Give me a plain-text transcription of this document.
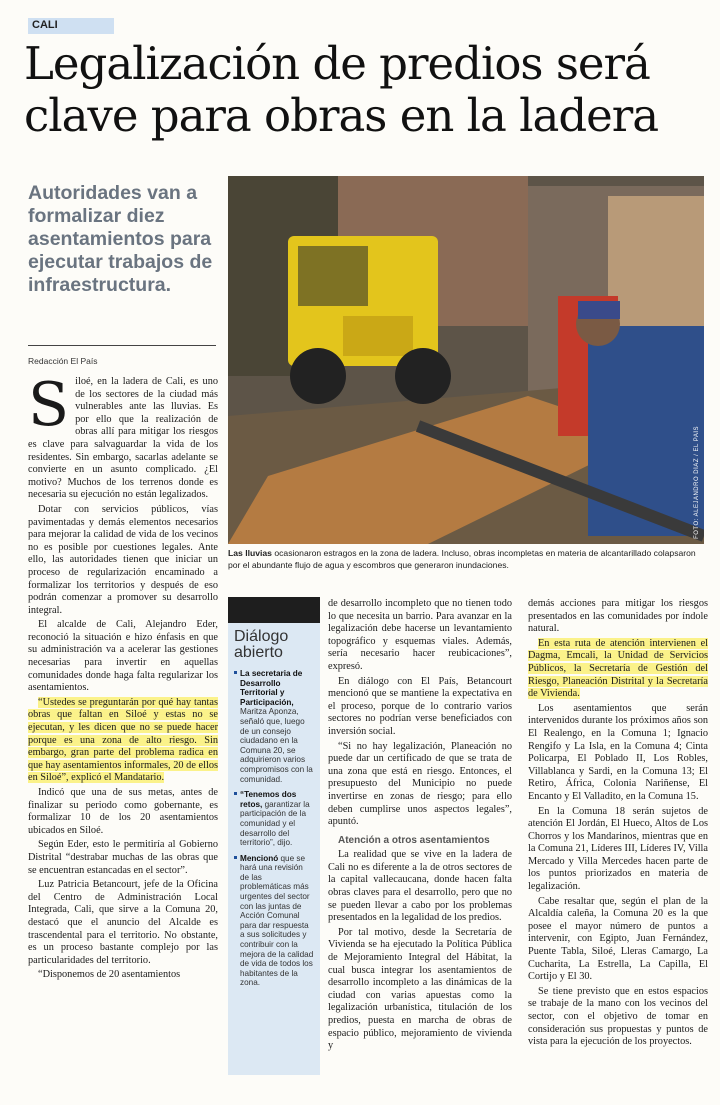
CALI
Legalización de predios será clave para obras en la ladera
Autoridades van a formalizar diez asentamientos para ejecutar trabajos de infraestructura.
Redacción El País
FOTO: ALEJANDRO DÍAZ / EL PAÍS
Las lluvias ocasionaron estragos en la zona de ladera. Incluso, obras incompletas en materia de alcantarillado colapsaron por el abundante flujo de agua y escombros que generaron inundaciones.
S iloé, en la ladera de Cali, es uno de los sectores de la ciudad más vulnerables ante las lluvias. Es por ello que la realización de obras allí para mitigar los riesgos es clave para salvaguardar la vida de los residentes. Sin embargo, sacarlas adelante se convierte en un asunto complicado. ¿El motivo? Muchos de los terrenos donde es necesaria su ejecución no están legalizados.

Dotar con servicios públicos, vías pavimentadas y demás elementos necesarios para mejorar la calidad de vida de los vecinos no es posible por cuestiones legales. Ante ello, las autoridades tienen que iniciar un proceso de regularización encaminado a formalizar los territorios y después de eso podrán comenzar a promover su desarrollo integral.

El alcalde de Cali, Alejandro Eder, reconoció la situación e hizo énfasis en que su administración va a acelerar las gestiones necesarias para invertir en aquellas comunidades donde haga falta regularizar los asentamientos.

“Ustedes se preguntarán por qué hay tantas obras que faltan en Siloé y estas no se ejecutan, y les dicen que no se puede hacer porque es una zona de alto riesgo. Sin embargo, gran parte del problema radica en que hay asentamientos informales, 20 de ellos en Siloé”, explicó el Mandatario.

Indicó que una de sus metas, antes de finalizar su periodo como gobernante, es formalizar 10 de los 20 asentamientos ubicados en Siloé.

Según Eder, esto le permitiría al Gobierno Distrital “destrabar muchas de las obras que se encuentran estancadas en el sector”.

Luz Patricia Betancourt, jefe de la Oficina del Centro de Administración Local Integrada, Cali, que sirve a la Comuna 20, destacó que el anuncio del Alcalde es trascendental para el territorio. No obstante, es un proceso bastante complejo por las particularidades del territorio.

“Disponemos de 20 asentamientos

Diálogo abierto
La secretaria de Desarrollo Territorial y Participación, Maritza Aponza, señaló que, luego de un consejo ciudadano en la Comuna 20, se adquirieron varios compromisos con la comunidad.
“Tenemos dos retos, garantizar la participación de la comunidad y el desarrollo del territorio”, dijo.
Mencionó que se hará una revisión de las problemáticas más urgentes del sector con las juntas de Acción Comunal para dar respuesta a sus solicitudes y contribuir con la mejora de la calidad de vida de todos los habitantes de la zona.

de desarrollo incompleto que no tienen todo lo que necesita un barrio. Para avanzar en la legalización debe hacerse un levantamiento topográfico y esquemas viales. Además, sería necesario hacer reubicaciones”, expresó.

En diálogo con El País, Betancourt mencionó que se mantiene la expectativa en el proceso, porque de lo contrario varios sectores no podrían verse beneficiados con inversión social.

“Si no hay legalización, Planeación no puede dar un certificado de que se trata de una zona que está en riesgo. Entonces, el presupuesto del Municipio no puede invertirse en zonas de riesgo; para ello deben cumplirse unos aspectos legales”, apuntó.

Atención a otros asentamientos

La realidad que se vive en la ladera de Cali no es diferente a la de otros sectores de la capital vallecaucana, donde hacen falta obras claves para el desarrollo, pero que no se pueden llevar a cabo por los problemas presentados en la legalidad de los predios.

Por tal motivo, desde la Secretaría de Vivienda se ha ejecutado la Política Pública de Mejoramiento Integral del Hábitat, la cual busca integrar los asentamientos de desarrollo incompleto a las dinámicas de la ciudad con varias apuestas como la legalización urbanística, titulación de los predios, puesta en marcha de obras de espacio público, mejoramiento de vivienda y

demás acciones para mitigar los riesgos presentados en las comunidades por índole natural.

En esta ruta de atención intervienen el Dagma, Emcali, la Unidad de Servicios Públicos, la Secretaría de Gestión del Riesgo, Planeación Distrital y la Secretaría de Vivienda.

Los asentamientos que serán intervenidos durante los próximos años son El Realengo, en la Comuna 1; Ignacio Rengifo y La Isla, en la Comuna 4; Cinta Policarpa, El Poblado II, Los Robles, Villablanca y Sardi, en la Comuna 13; El Retiro, África, Colonia Nariñense, El Encanto y El Valladito, en la Comuna 15.

En la Comuna 18 serán sujetos de atención El Jordán, El Hueco, Altos de Los Chorros y los Mandarinos, mientras que en la Comuna 21, Líderes III, Líderes IV, Villa Mercado y Villa Mercedes hacen parte de los puntos priorizados en materia de legalización.

Cabe resaltar que, según el plan de la Alcaldía caleña, la Comuna 20 es la que posee el mayor número de puntos a intervenir, con Egipto, Juan Fernández, Puente Tabla, Siloé, Lleras Camargo, La Cucharita, La Estrella, La Capilla, El Cortijo y El 30.

Se tiene previsto que en estos espacios se trabaje de la mano con los vecinos del sector, con el objetivo de tomar en consideración sus propuestas y puntos de vista para la ejecución de los proyectos.
